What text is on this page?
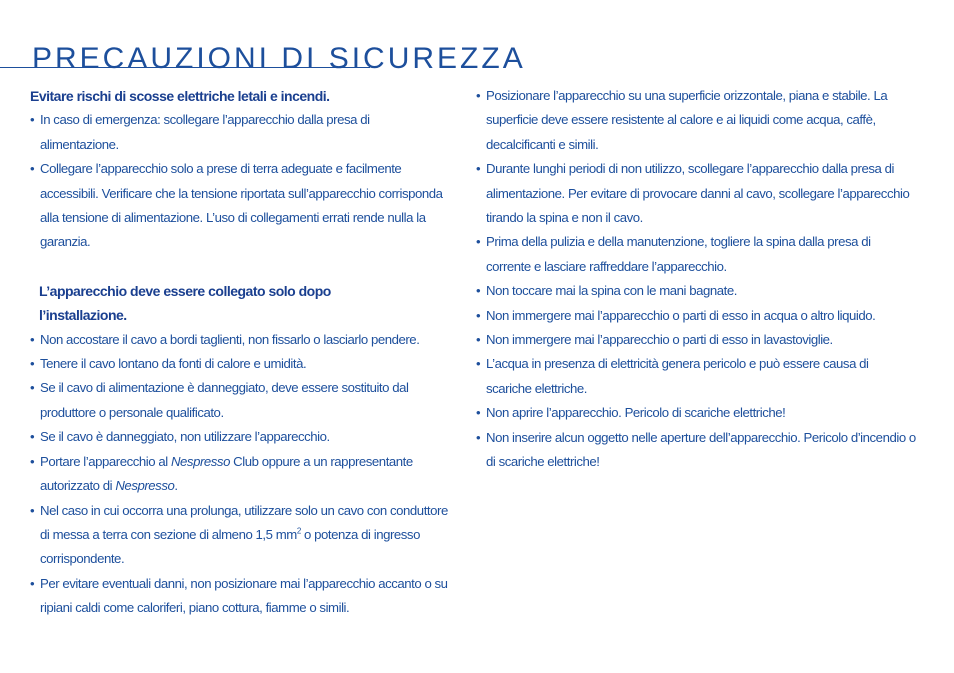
PRECAUZIONI DI SICUREZZA

Evitare rischi di scosse elettriche letali e incendi.

• In caso di emergenza: scollegare l’apparecchio dalla presa di alimentazione.
• Collegare l’apparecchio solo a prese di terra adeguate e facilmente accessibili. Verificare che la tensione riportata sull’apparecchio corrisponda alla tensione di alimentazione. L’uso di collegamenti errati rende nulla la garanzia.

L’apparecchio deve essere collegato solo dopo l’installazione.

• Non accostare il cavo a bordi taglienti, non fissarlo o lasciarlo pendere.
• Tenere il cavo lontano da fonti di calore e umidità.
• Se il cavo di alimentazione è danneggiato, deve essere sostituito dal produttore o personale qualificato.
• Se il cavo è danneggiato, non utilizzare l’apparecchio.
• Portare l’apparecchio al Nespresso Club oppure a un rappresentante autorizzato di Nespresso.
• Nel caso in cui occorra una prolunga, utilizzare solo un cavo con conduttore di messa a terra con sezione di almeno 1,5 $mm^2$ o potenza di ingresso corrispondente.
• Per evitare eventuali danni, non posizionare mai l’apparecchio accanto o su ripiani caldi come caloriferi, piano cottura, fiamme o simili.
• Posizionare l’apparecchio su una superficie orizzontale, piana e stabile. La superficie deve essere resistente al calore e ai liquidi come acqua, caffè, decalcificanti e simili.
• Durante lunghi periodi di non utilizzo, scollegare l’apparecchio dalla presa di alimentazione. Per evitare di provocare danni al cavo, scollegare l’apparecchio tirando la spina e non il cavo.
• Prima della pulizia e della manutenzione, togliere la spina dalla presa di corrente e lasciare raffreddare l’apparecchio.
• Non toccare mai la spina con le mani bagnate.
• Non immergere mai l’apparecchio o parti di esso in acqua o altro liquido.
• Non immergere mai l’apparecchio o parti di esso in lavastoviglie.
• L’acqua in presenza di elettricità genera pericolo e può essere causa di scariche elettriche.
• Non aprire l’apparecchio. Pericolo di scariche elettriche!
• Non inserire alcun oggetto nelle aperture dell’apparecchio. Pericolo d’incendio o di scariche elettriche!
